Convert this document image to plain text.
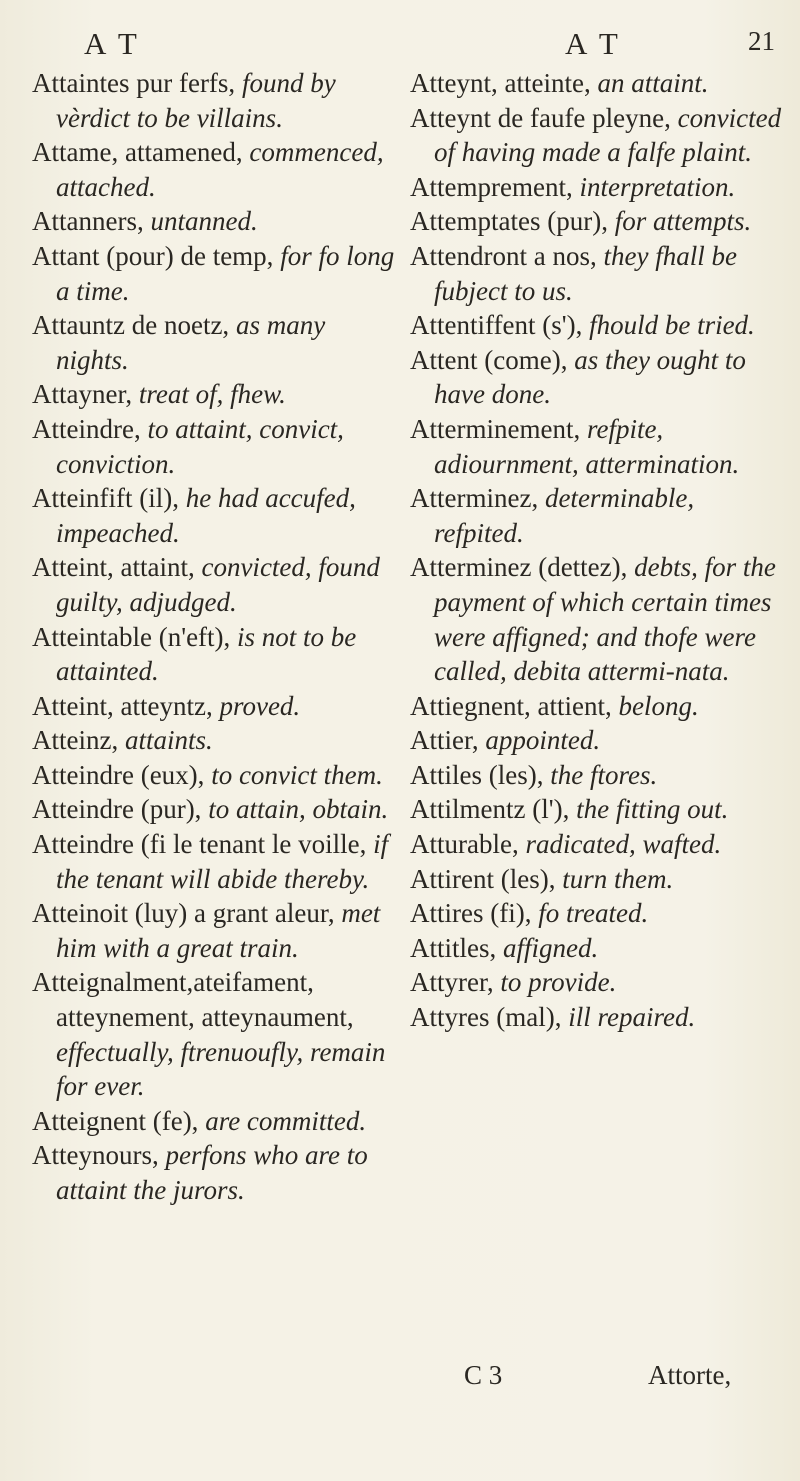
A T	A T	21

Attaintes pur ferfs, found by vèrdict to be villains.

Attame, attamened, commenced, attached.

Attanners, untanned.

Attant (pour) de temp, for fo long a time.

Attauntz de noetz, as many nights.

Attayner, treat of, fhew.

Atteindre, to attaint, convict, conviction.

Atteinfift (il), he had accufed, impeached.

Atteint, attaint, convicted, found guilty, adjudged.

Atteintable (n'eft), is not to be attainted.

Atteint, atteyntz, proved.

Atteinz, attaints.

Atteindre (eux), to convict them.

Atteindre (pur), to attain, obtain.

Atteindre (fi le tenant le voille, if the tenant will abide thereby.

Atteinoit (luy) a grant aleur, met him with a great train.

Atteignalment,ateifament, atteynement, atteynaument, effectually, ftrenuoufly, remain for ever.

Atteignent (fe), are committed.

Atteynours, perfons who are to attaint the jurors.

Atteynt, atteinte, an attaint.

Atteynt de faufe pleyne, convicted of having made a falfe plaint.

Attemprement, interpretation.

Attemptates (pur), for attempts.

Attendront a nos, they fhall be fubject to us.

Attentiffent (s'), fhould be tried.

Attent (come), as they ought to have done.

Atterminement, refpite, adiournment, attermination.

Atterminez, determinable, refpited.

Atterminez (dettez), debts, for the payment of which certain times were affigned; and thofe were called, debita attermi-nata.

Attiegnent, attient, belong.

Attier, appointed.

Attiles (les), the ftores.

Attilmentz (l'), the fitting out.

Atturable, radicated, wafted.

Attirent (les), turn them.

Attires (fi), fo treated.

Attitles, affigned.

Attyrer, to provide.

Attyres (mal), ill repaired.

C 3	Attorte,
